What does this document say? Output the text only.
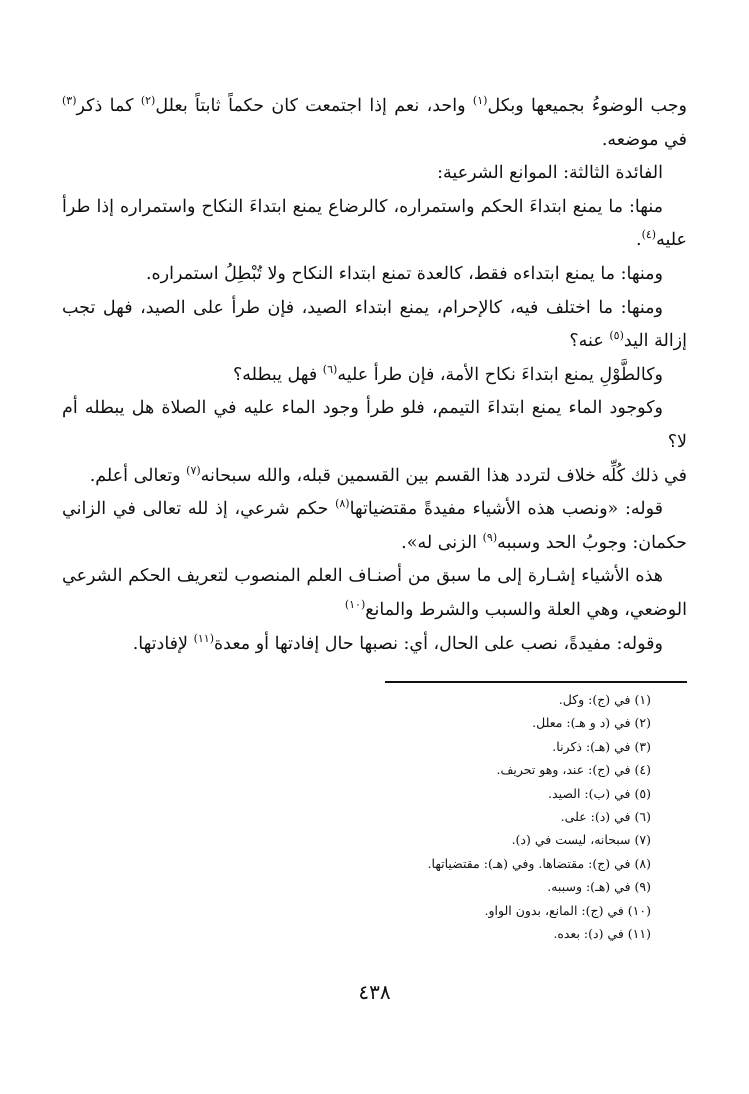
وجب الوضوءُ بجميعها وبكل$^{(١)}$ واحد، نعم إذا اجتمعت كان حكماً ثابتاً بعلل$^{(٢)}$ كما ذكر$^{(٣)}$ في موضعه.

الفائدة الثالثة: الموانع الشرعية:

منها: ما يمنع ابتداءَ الحكم واستمراره، كالرضاع يمنع ابتداءَ النكاح واستمراره إذا طرأ عليه$^{(٤)}$.

ومنها: ما يمنع ابتداءه فقط، كالعدة تمنع ابتداء النكاح ولا تُبْطِلُ استمراره.

ومنها: ما اختلف فيه، كالإحرام، يمنع ابتداء الصيد، فإن طرأ على الصيد، فهل تجب إزالة اليد$^{(٥)}$ عنه؟

وكالطَّوْلِ يمنع ابتداءَ نكاح الأمة، فإن طرأ عليه$^{(٦)}$ فهل يبطله؟

وكوجود الماء يمنع ابتداءَ التيمم، فلو طرأ وجود الماء عليه في الصلاة هل يبطله أم لا؟

في ذلك كُلِّه خلاف لتردد هذا القسم بين القسمين قبله، والله سبحانه$^{(٧)}$ وتعالى أعلم.

قوله: «ونصب هذه الأشياء مفيدةً مقتضياتها$^{(٨)}$ حكم شرعي، إذ لله تعالى في الزاني حكمان: وجوبُ الحد وسببه$^{(٩)}$ الزنى له».

هذه الأشياء إشـارة إلى ما سبق من أصنـاف العلم المنصوب لتعريف الحكم الشرعي الوضعي، وهي العلة والسبب والشرط والمانع$^{(١٠)}$

وقوله: مفيدةً، نصب على الحال، أي: نصبها حال إفادتها أو معدة$^{(١١)}$ لإفادتها.

(١) في (ج): وكل.
(٢) في (د و هـ): معلل.
(٣) في (هـ): ذكرنا.
(٤) في (ج): عند، وهو تحريف.
(٥) في (ب): الصيد.
(٦) في (د): على.
(٧) سبحانه، ليست في (د).
(٨) في (ج): مقتضاها. وفي (هـ): مقتضياتها.
(٩) في (هـ): وسببه.
(١٠) في (ج): المانع، بدون الواو.
(١١) في (د): بعده.
٤٣٨
